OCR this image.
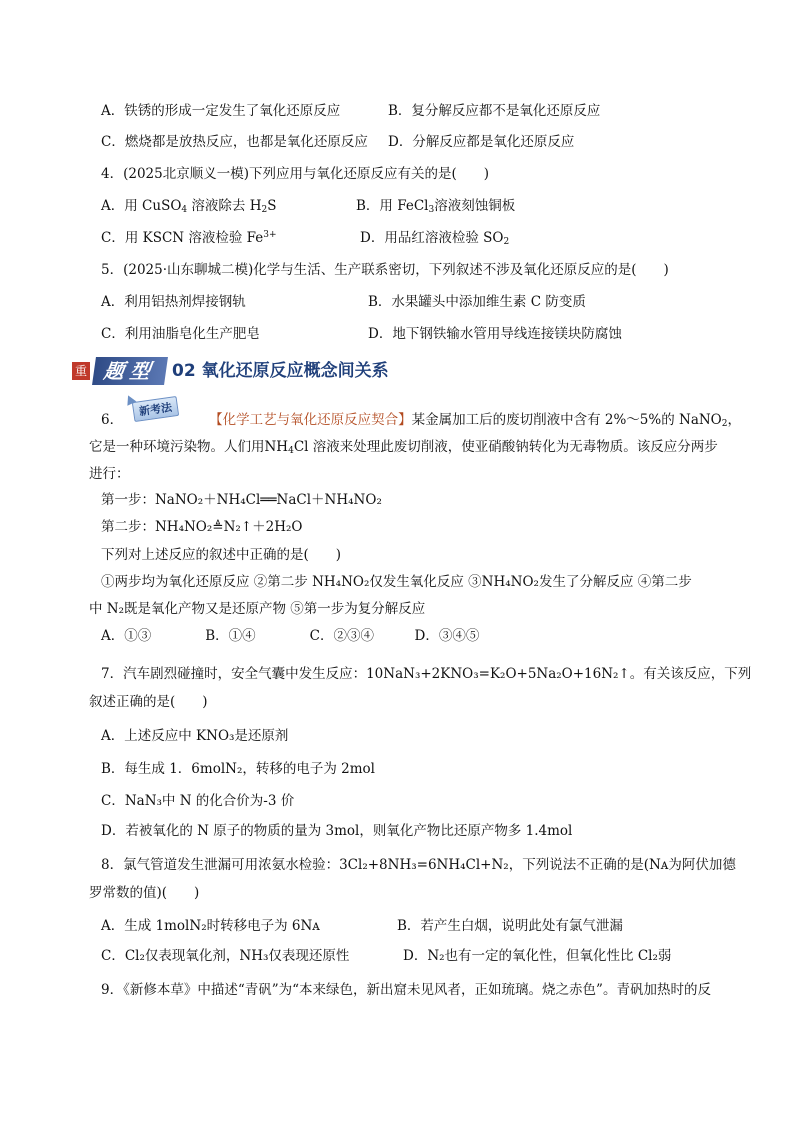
A．铁锈的形成一定发生了氧化还原反应	B．复分解反应都不是氧化还原反应
C．燃烧都是放热反应，也都是氧化还原反应 D．分解反应都是氧化还原反应
4．(2025北京顺义一模)下列应用与氧化还原反应有关的是(　　)
A．用 CuSO$_4$ 溶液除去 $H_2S$	B．用 FeCl$_3$溶液刻蚀铜板
C．用 KSCN 溶液检验 $Fe^{3+}$	D．用品红溶液检验 $SO_2$
5．(2025·山东聊城二模)化学与生活、生产联系密切，下列叙述不涉及氧化还原反应的是(　　)
A．利用铝热剂焊接钢轨	B．水果罐头中添加维生素 C 防变质
C．利用油脂皂化生产肥皂	D．地下钢铁输水管用导线连接镁块防腐蚀
重 题型 02 氧化还原反应概念间关系
新考法
6．	【化学工艺与氧化还原反应契合】某金属加工后的废切削液中含有 2%～5%的 NaNO$_2$，
它是一种环境污染物。人们用$NH_4Cl$ 溶液来处理此废切削液，使亚硝酸钠转化为无毒物质。该反应分两步
进行：
第一步：NaNO₂＋NH₄Cl══NaCl＋NH₄NO₂
第二步：NH₄NO₂≜N₂↑＋2H₂O
下列对上述反应的叙述中正确的是(　　)
①两步均为氧化还原反应 ②第二步 NH₄NO₂仅发生氧化反应 ③NH₄NO₂发生了分解反应 ④第二步
中 N₂既是氧化产物又是还原产物 ⑤第一步为复分解反应
A．①③　　　　B．①④　　　　C．②③④　　　D．③④⑤
7．汽车剧烈碰撞时，安全气囊中发生反应：10NaN₃+2KNO₃=K₂O+5Na₂O+16N₂↑。有关该反应，下列
叙述正确的是(　　)
A．上述反应中 KNO₃是还原剂
B．每生成 1．6molN₂，转移的电子为 2mol
C．NaN₃中 N 的化合价为-3 价
D．若被氧化的 N 原子的物质的量为 3mol，则氧化产物比还原产物多 1.4mol
8．氯气管道发生泄漏可用浓氨水检验：3Cl₂+8NH₃=6NH₄Cl+N₂，下列说法不正确的是(Nᴀ为阿伏加德
罗常数的值)(　　)
A．生成 1molN₂时转移电子为 6Nᴀ	B．若产生白烟，说明此处有氯气泄漏
C．Cl₂仅表现氧化剂，NH₃仅表现还原性	D．N₂也有一定的氧化性，但氧化性比 Cl₂弱
9．《新修本草》中描述“青矾”为“本来绿色，新出窟未见风者，正如琉璃。烧之赤色”。青矾加热时的反
